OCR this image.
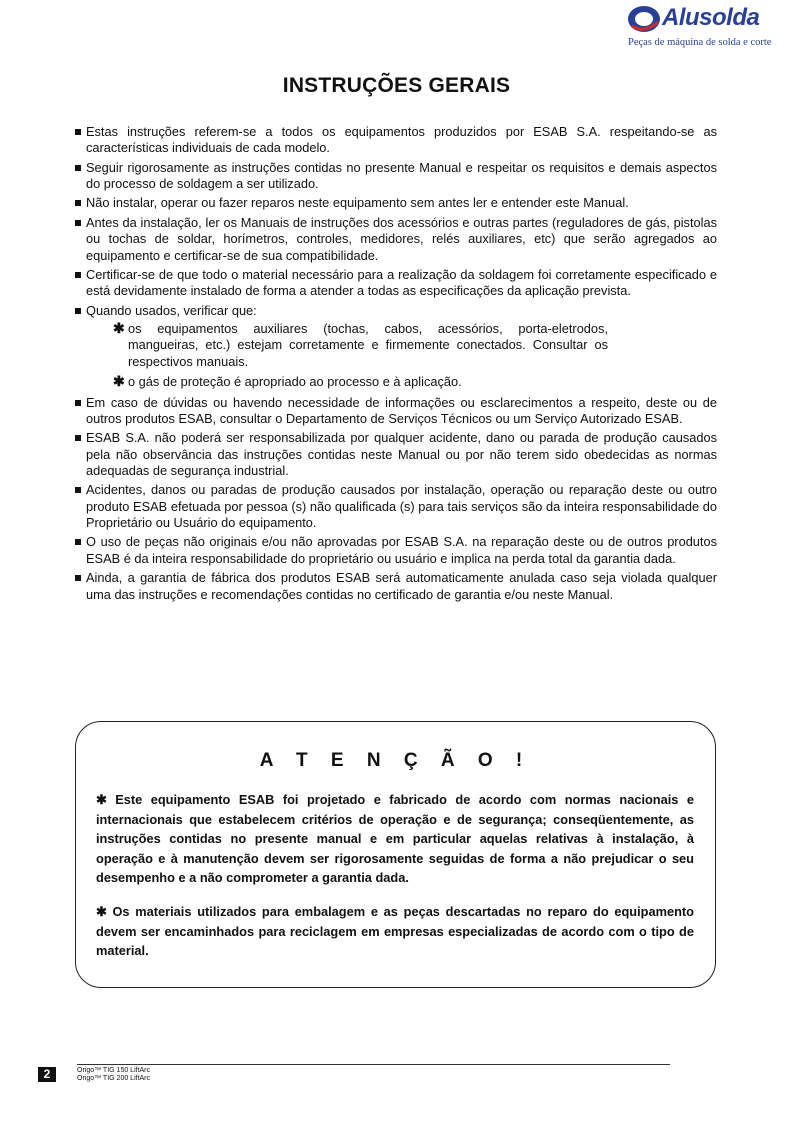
Alusolda
Peças de máquina de solda e corte
INSTRUÇÕES GERAIS
Estas instruções referem-se a todos os equipamentos produzidos por ESAB S.A. respeitando-se as características individuais de cada modelo.
Seguir rigorosamente as instruções contidas no presente Manual e respeitar os requisitos e demais aspectos do processo de soldagem a ser utilizado.
Não instalar, operar ou fazer reparos neste equipamento sem antes ler e entender este Manual.
Antes da instalação, ler os Manuais de instruções dos acessórios e outras partes (reguladores de gás, pistolas ou tochas de soldar, horímetros, controles, medidores, relés auxiliares, etc) que serão agregados ao equipamento e certificar-se de sua compatibilidade.
Certificar-se de que todo o material necessário para a realização da soldagem foi corretamente especificado e está devidamente instalado de forma a atender a todas as especificações da aplicação prevista.
Quando usados, verificar que:
✱ os equipamentos auxiliares (tochas, cabos, acessórios, porta-eletrodos, mangueiras, etc.) estejam corretamente e firmemente conectados. Consultar os respectivos manuais.
✱ o gás de proteção é apropriado ao processo e à aplicação.
Em caso de dúvidas ou havendo necessidade de informações ou esclarecimentos a respeito, deste ou de outros produtos ESAB, consultar o Departamento de Serviços Técnicos ou um Serviço Autorizado ESAB.
ESAB S.A. não poderá ser responsabilizada por qualquer acidente, dano ou parada de produção causados pela não observância das instruções contidas neste Manual ou por não terem sido obedecidas as normas adequadas de segurança industrial.
Acidentes, danos ou paradas de produção causados por instalação, operação ou reparação deste ou outro produto ESAB efetuada por pessoa (s) não qualificada (s) para tais serviços são da inteira responsabilidade do Proprietário ou Usuário do equipamento.
O uso de peças não originais e/ou não aprovadas por ESAB S.A. na reparação deste ou de outros produtos ESAB é da inteira responsabilidade do proprietário ou usuário e implica na perda total da garantia dada.
Ainda, a garantia de fábrica dos produtos ESAB será automaticamente anulada caso seja violada qualquer uma das instruções e recomendações contidas no certificado de garantia e/ou neste Manual.
A T E N Ç Ã O !

✱ Este equipamento ESAB foi projetado e fabricado de acordo com normas nacionais e internacionais que estabelecem critérios de operação e de segurança; conseqüentemente, as instruções contidas no presente manual e em particular aquelas relativas à instalação, à operação e à manutenção devem ser rigorosamente seguidas de forma a não prejudicar o seu desempenho e a não comprometer a garantia dada.

✱ Os materiais utilizados para embalagem e as peças descartadas no reparo do equipamento devem ser encaminhados para reciclagem em empresas especializadas de acordo com o tipo de material.

2	Origo™ TIG 150 LiftArc
Origo™ TIG 200 LiftArc
